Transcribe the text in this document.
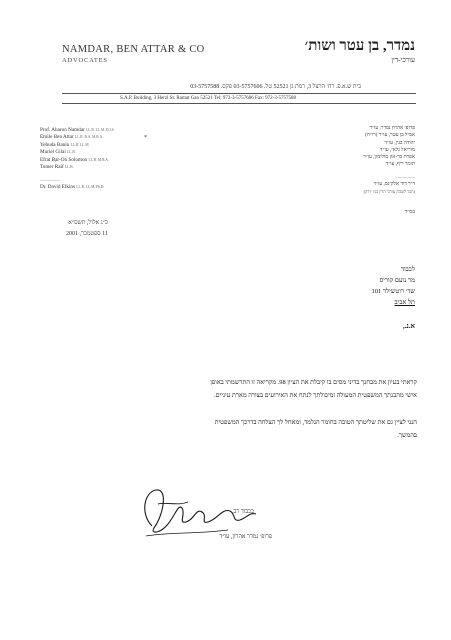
NAMDAR, BEN ATTAR & CO
ADVOCATES
נמדר, בן עטר ושות׳
עורכי-דין
בית ש.א.פ. רח׳ הרצל 3, רמת גן 52521 טל. 03-5757606 פקס. 03-5757588
S.A.P. Building, 3 Herzl St. Ramat Gan 52521 Tel: 972-3-5757606 Fax: 972-3-5757588
Prof. Aharon Namdar LL.B. LL.M. D.J.S.
Emile Ben Attar LL.B. B.A. M.B.A.
Yehuda Banin LL.B. LL.M.
Muriel Gilai LL.B.
Efrat Bar-On Solomon LL.B. M.B.A.
Tomer Raif LL.B.
................
Dr. David Elkins LL.B. LL.M. Ph.D.
*
פרופ׳ אהרון נמדר, עו״ד
אמיל בן עטר, עו״ד (רו״ח)
יהודה בנין, עו״ד
מוריאל גלאי, עו״ד
אפרת בר-און סולומון, עו״ד
תומר ריף, עו״ד
................
ד״ר דוד אלקינס, עו״ד
(חבר לשכת עורכי הדין בניו יורק)
בס״ד
כ״ג אלול, תשס״א
11 ספטמבר, 2001
לכבוד
מר נועם קוריס
שד׳ רוטשילד 101
תל אביב
א.נ.,
קראתי בעיון את מבחנך בדיני מסים בו קיבלת את הציון 98. מקריאה זו התרשמתי באופן
אישי מהבנתך המשפטית המעולה ומיכולתך לנתח את האירועים בצורה מארת עיניים.
הנני לציין גם את שליטתך הטובה בחומר הנלמד, ומאחל לך הצלחה בדרכך המשפטית
בהמשך.
בכבוד רב,
פרופ׳ נמדר אהרון, עו״ד
